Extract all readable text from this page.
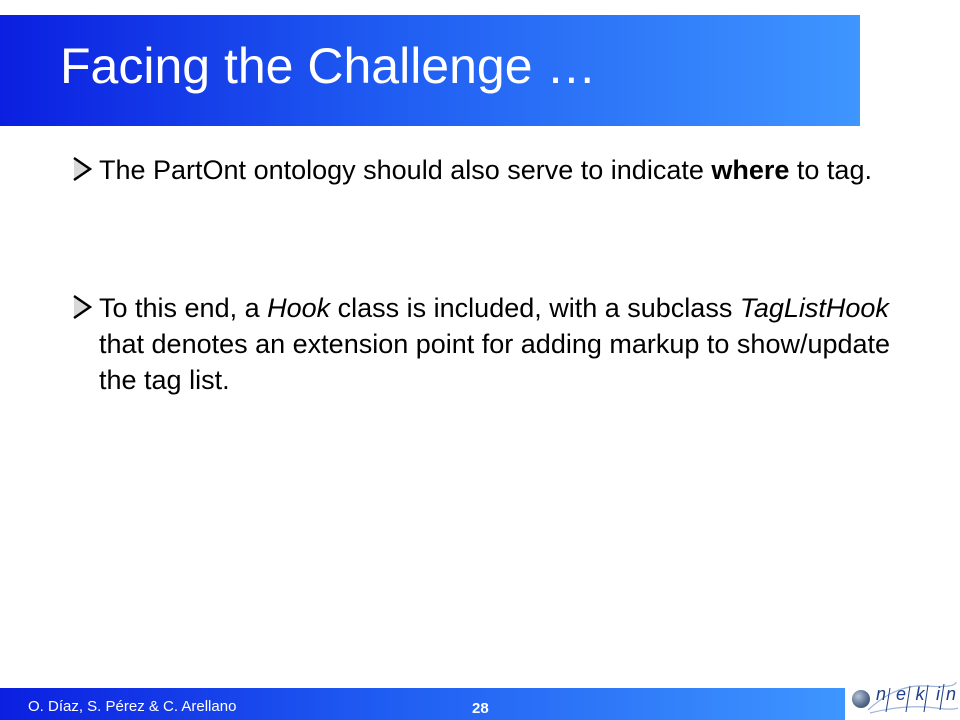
Facing the Challenge …
The PartOnt ontology should also serve to indicate where to tag.
To this end, a Hook class is included, with a subclass TagListHook that denotes an extension point for adding markup to show/update the tag list.
O. Díaz, S. Pérez & C. Arellano	28
n e k i n
